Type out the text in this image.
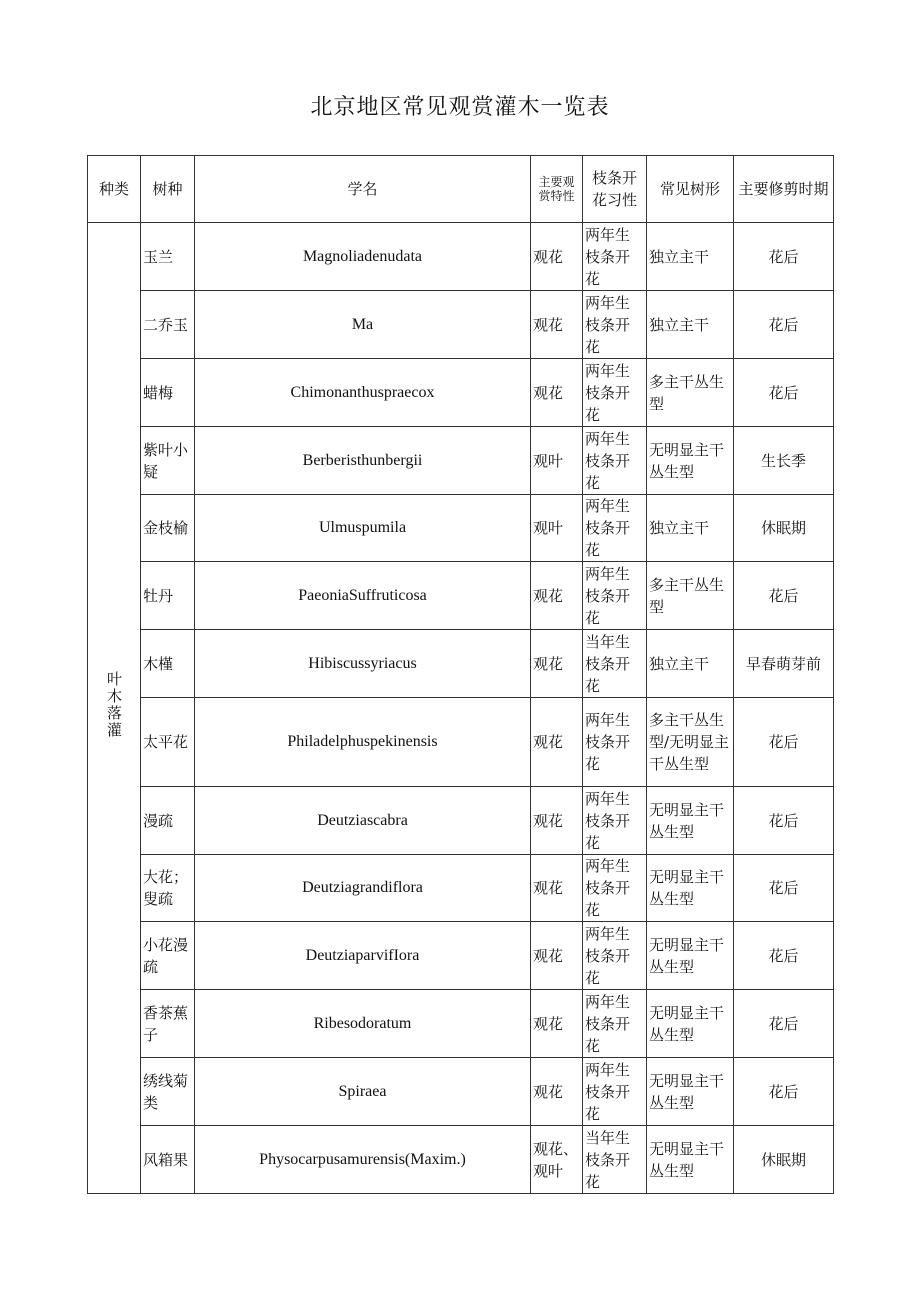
北京地区常见观赏灌木一览表
种类	树种	学名	主要观赏特性	枝条开花习性	常见树形	主要修剪时期
叶木落灌	玉兰	Magnoliadenudata	观花	两年生枝条开花	独立主干	花后
	二乔玉	Ma	观花	两年生枝条开花	独立主干	花后
	蜡梅	Chimonanthuspraecox	观花	两年生枝条开花	多主干丛生型	花后
	紫叶小疑	Berberisthunbergii	观叶	两年生枝条开花	无明显主干丛生型	生长季
	金枝榆	Ulmuspumila	观叶	两年生枝条开花	独立主干	休眠期
	牡丹	PaeoniaSuffruticosa	观花	两年生枝条开花	多主干丛生型	花后
	木槿	Hibiscussyriacus	观花	当年生枝条开花	独立主干	早春萌芽前
	太平花	Philadelphuspekinensis	观花	两年生枝条开花	多主干丛生型/无明显主干丛生型	花后
	漫疏	Deutziascabra	观花	两年生枝条开花	无明显主干丛生型	花后
	大花；叟疏	Deutziagrandiflora	观花	两年生枝条开花	无明显主干丛生型	花后
	小花漫疏	DeutziaparvifIora	观花	两年生枝条开花	无明显主干丛生型	花后
	香茶蕉子	Ribesodoratum	观花	两年生枝条开花	无明显主干丛生型	花后
	绣线菊类	Spiraea	观花	两年生枝条开花	无明显主干丛生型	花后
	风箱果	Physocarpusamurensis(Maxim.)	观花、观叶	当年生枝条开花	无明显主干丛生型	休眠期
